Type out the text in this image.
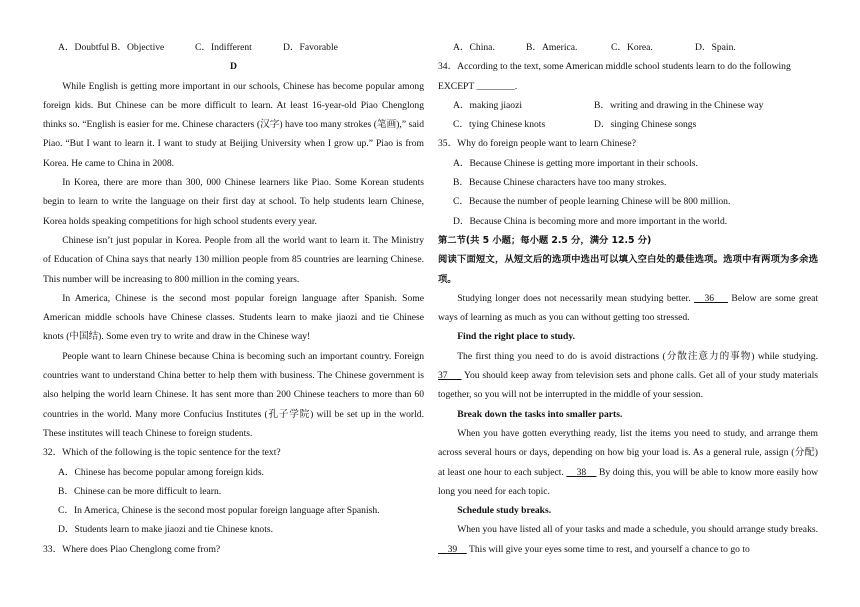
A．Doubtful B．Objective	C．Indifferent	D．Favorable

D

While English is getting more important in our schools, Chinese has become popular among foreign kids. But Chinese can be more difficult to learn. At least 16-year-old Piao Chenglong thinks so. “English is easier for me. Chinese characters (汉字) have too many strokes (笔画),” said Piao. “But I want to learn it. I want to study at Beijing University when I grow up.” Piao is from Korea. He came to China in 2008.

In Korea, there are more than 300, 000 Chinese learners like Piao. Some Korean students begin to learn to write the language on their first day at school. To help students learn Chinese, Korea holds speaking competitions for high school students every year.

Chinese isn’t just popular in Korea. People from all the world want to learn it. The Ministry of Education of China says that nearly 130 million people from 85 countries are learning Chinese. This number will be increasing to 800 million in the coming years.

In America, Chinese is the second most popular foreign language after Spanish. Some American middle schools have Chinese classes. Students learn to make jiaozi and tie Chinese knots (中国结). Some even try to write and draw in the Chinese way!

People want to learn Chinese because China is becoming such an important country. Foreign countries want to understand China better to help them with business. The Chinese government is also helping the world learn Chinese. It has sent more than 200 Chinese teachers to more than 60 countries in the world. Many more Confucius Institutes (孔子学院) will be set up in the world. These institutes will teach Chinese to foreign students.

32．Which of the following is the topic sentence for the text?

A．Chinese has become popular among foreign kids.

B．Chinese can be more difficult to learn.

C．In America, Chinese is the second most popular foreign language after Spanish.

D．Students learn to make jiaozi and tie Chinese knots.

33．Where does Piao Chenglong come from?

A．China.	B．America.	C．Korea.	D．Spain.

34．According to the text, some American middle school students learn to do the following

EXCEPT ________.

A．making jiaozi	B．writing and drawing in the Chinese way
C．tying Chinese knots	D．singing Chinese songs

35．Why do foreign people want to learn Chinese?

A．Because Chinese is getting more important in their schools.

B．Because Chinese characters have too many strokes.

C．Because the number of people learning Chinese will be 800 million.

D．Because China is becoming more and more important in the world.

第二节(共 5 小题；每小题 2.5 分，满分 12.5 分)

阅读下面短文，从短文后的选项中选出可以填入空白处的最佳选项。选项中有两项为多余选项。

Studying longer does not necessarily mean studying better. 36 Below are some great ways of learning as much as you can without getting too stressed.

Find the right place to study.

The first thing you need to do is avoid distractions (分散注意力的事物) while studying. 37 You should keep away from television sets and phone calls. Get all of your study materials together, so you will not be interrupted in the middle of your session.

Break down the tasks into smaller parts.

When you have gotten everything ready, list the items you need to study, and arrange them across several hours or days, depending on how big your load is. As a general rule, assign (分配) at least one hour to each subject. 38 By doing this, you will be able to know more easily how long you need for each topic.

Schedule study breaks.

When you have listed all of your tasks and made a schedule, you should arrange study breaks.     39 This will give your eyes some time to rest, and yourself a chance to go to
